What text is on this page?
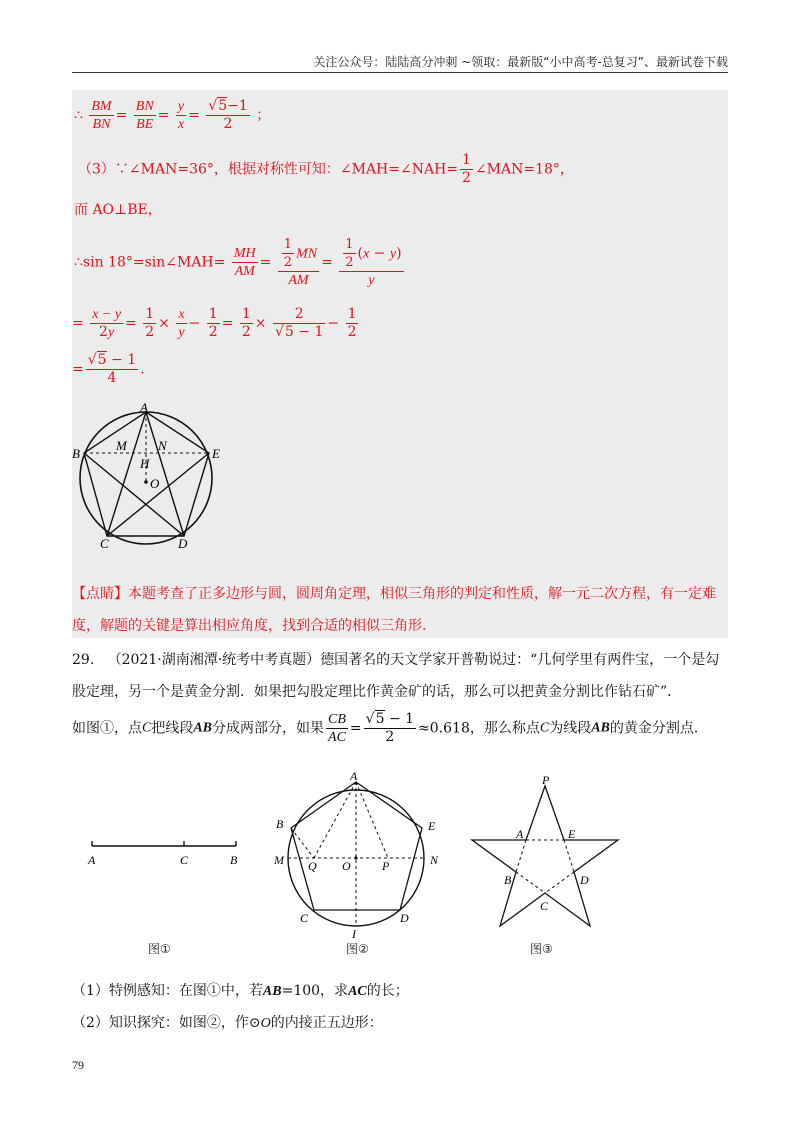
关注公众号：陆陆高分冲刺 ~领取：最新版“小中高考-总复习”、最新试卷下载
∴ $\frac{BM}{BN} = \frac{BN}{BE} = \frac{y}{x} = \frac{√5-1}{2}$ ；
（3）∵∠MAN=36°，根据对称性可知：∠MAH=∠NAH= $\frac{1}{2}$ ∠MAN=18°，
而 AO⊥BE，
∴sin 18°=sin∠MAH= $\frac{MH}{AM} = \frac{\frac{1}{2} MN}{AM} = \frac{\frac{1}{2} (x - y)}{y}$
= $\frac{x - y}{2y} = \frac{1}{2} \times \frac{x}{y} - \frac{1}{2} = \frac{1}{2} \times \frac{2}{√5 - 1} - \frac{1}{2}$
= $\frac{√5 - 1}{4}$ .
A
B	E
C	D
M N
H
O
【点睛】本题考查了正多边形与圆，圆周角定理，相似三角形的判定和性质，解一元二次方程，有一定难
度，解题的关键是算出相应角度，找到合适的相似三角形.
29. （2021·湖南湘潭·统考中考真题）德国著名的天文学家开普勒说过：“几何学里有两件宝，一个是勾
股定理，另一个是黄金分割．如果把勾股定理比作黄金矿的话，那么可以把黄金分割比作钻石矿”．
如图①，点C把线段AB分成两部分，如果 $\frac{CB}{AC} = \frac{√5 - 1}{2} \approx 0.618$，那么称点C为线段AB的黄金分割点．
A	C	B
图①
A
B	E
M	N
Q O	P
C	D
I
图②
P
A	E
B	D
C
图③
（1）特例感知：在图①中，若AB=100，求AC的长；
（2）知识探究：如图②，作⊙O的内接正五边形：
79
